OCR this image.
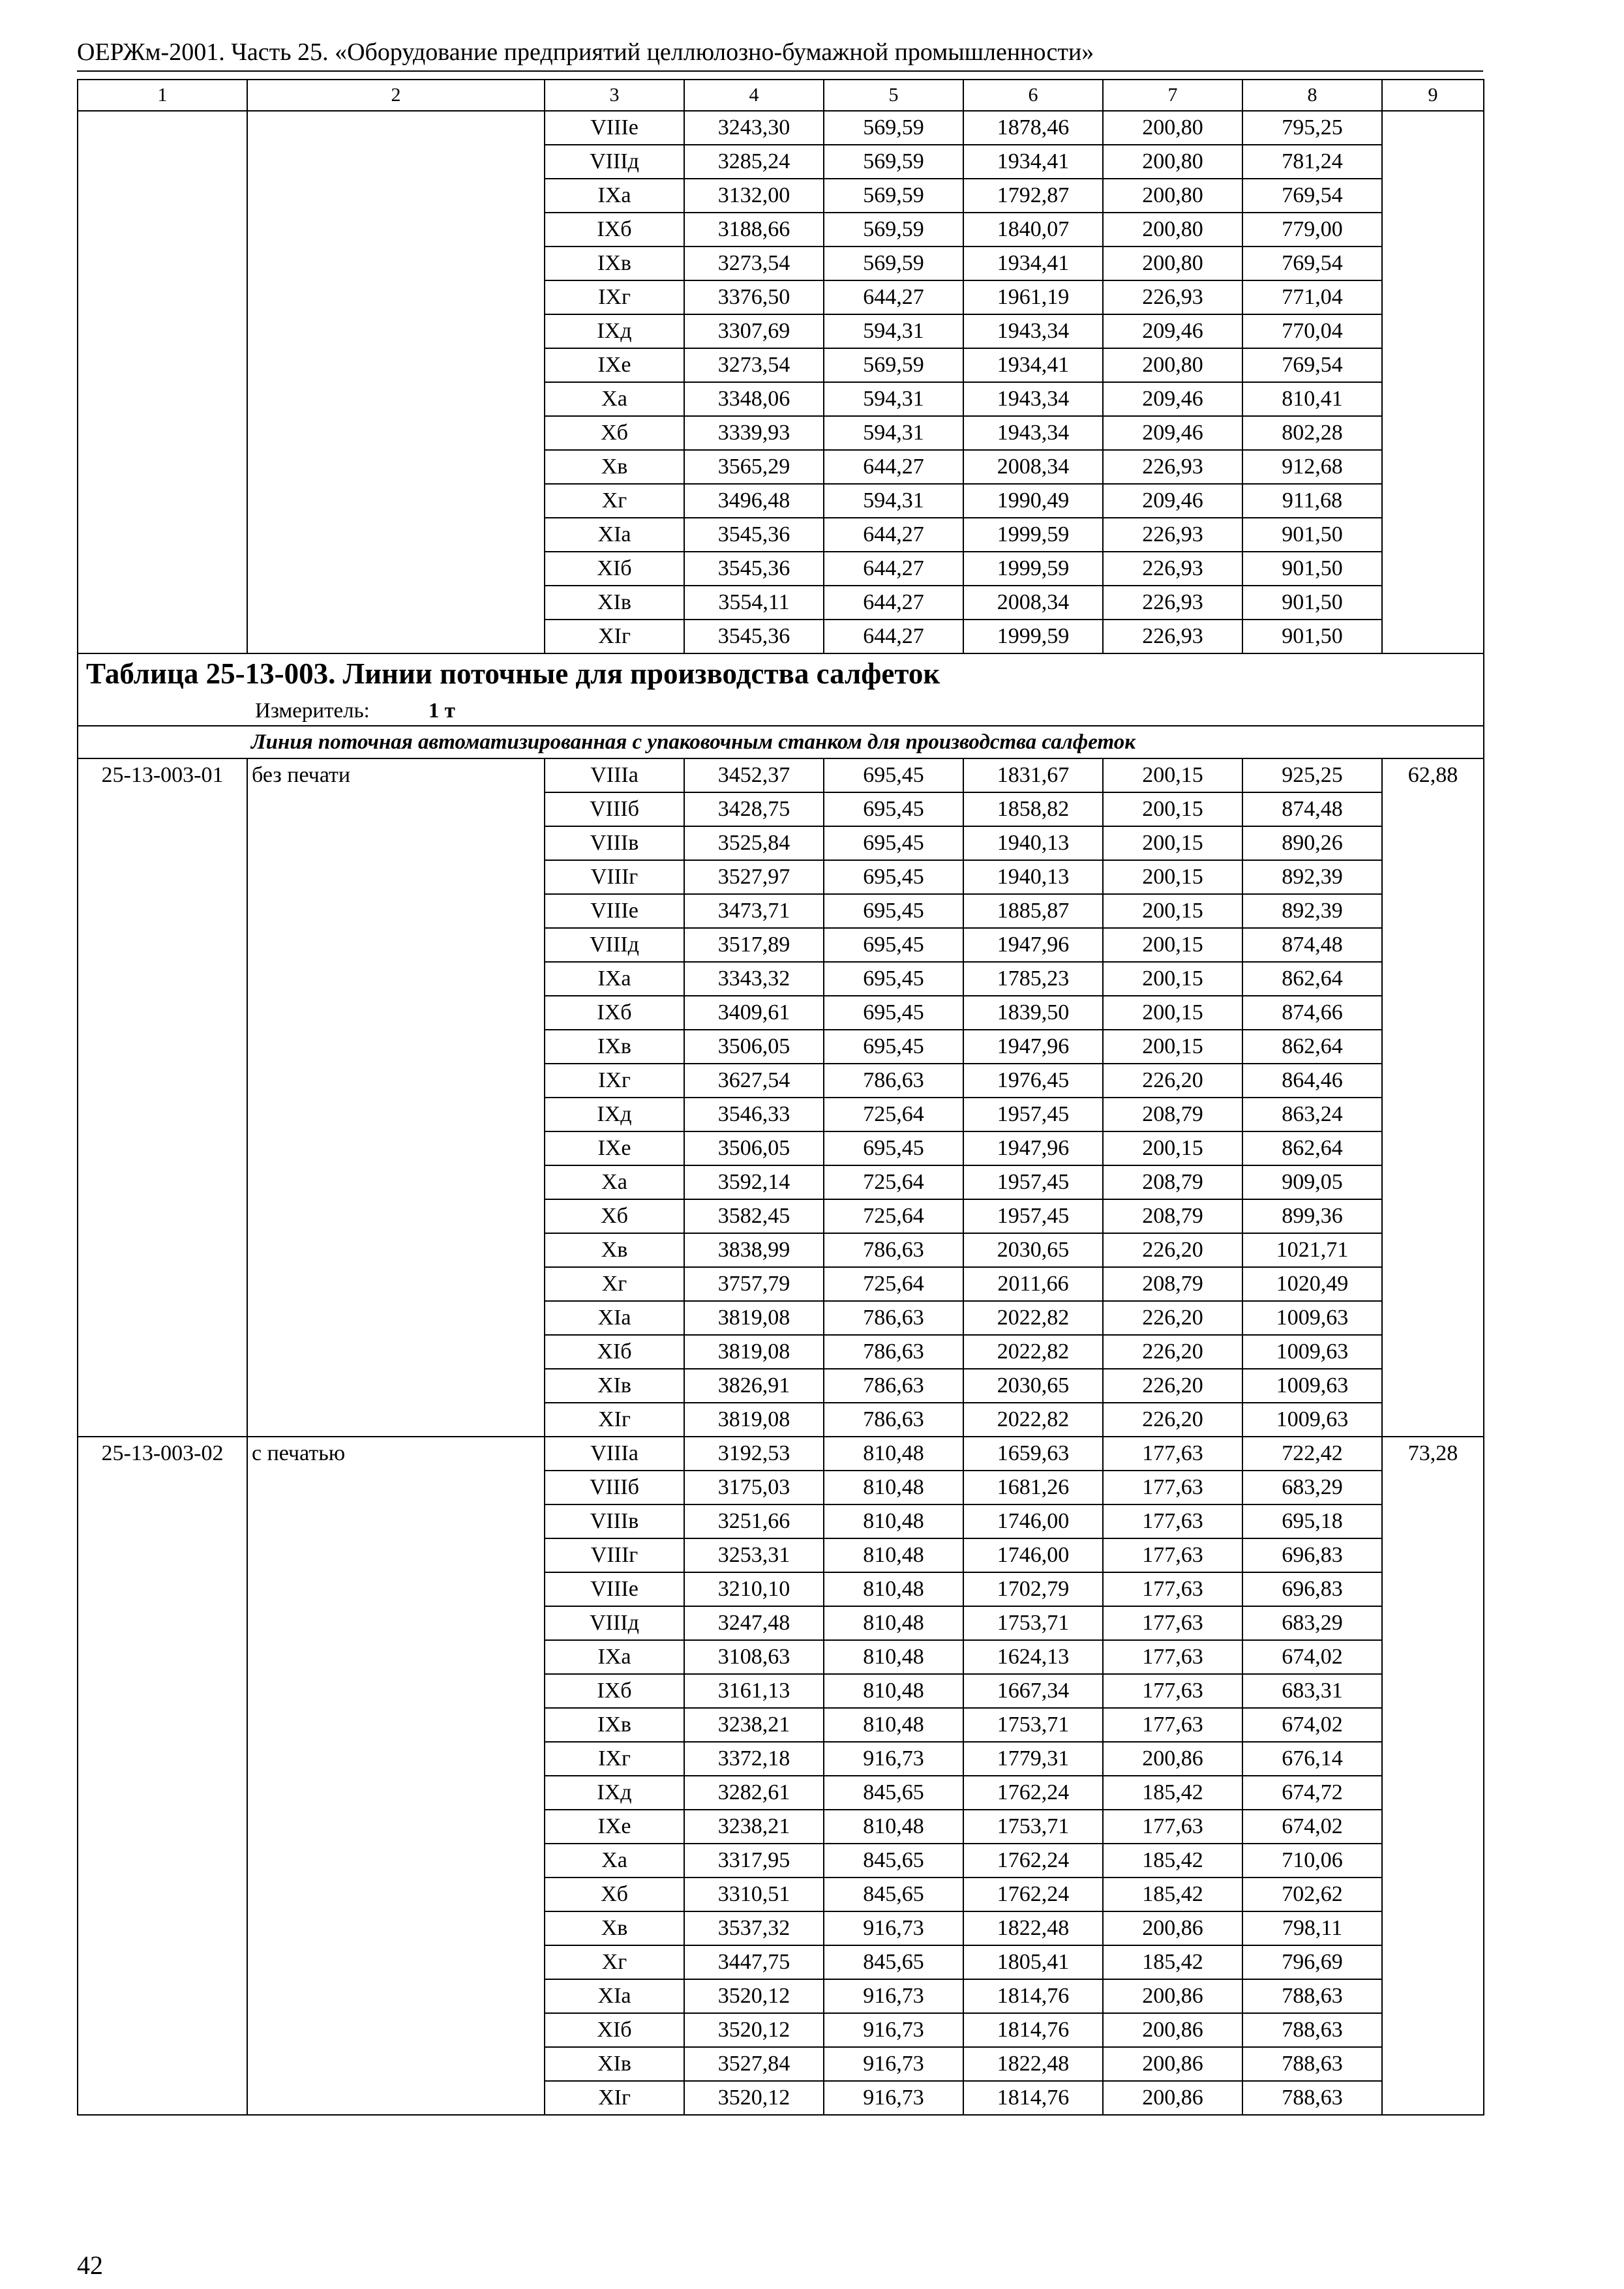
ОЕРЖм-2001. Часть 25. «Оборудование предприятий целлюлозно-бумажной промышленности»
1	2	3	4	5	6	7	8	9
		VIIIе	3243,30	569,59	1878,46	200,80	795,25	
		VIIIд	3285,24	569,59	1934,41	200,80	781,24	
		IXа	3132,00	569,59	1792,87	200,80	769,54	
		IXб	3188,66	569,59	1840,07	200,80	779,00	
		IXв	3273,54	569,59	1934,41	200,80	769,54	
		IXг	3376,50	644,27	1961,19	226,93	771,04	
		IXд	3307,69	594,31	1943,34	209,46	770,04	
		IXе	3273,54	569,59	1934,41	200,80	769,54	
		Xа	3348,06	594,31	1943,34	209,46	810,41	
		Xб	3339,93	594,31	1943,34	209,46	802,28	
		Xв	3565,29	644,27	2008,34	226,93	912,68	
		Xг	3496,48	594,31	1990,49	209,46	911,68	
		XIа	3545,36	644,27	1999,59	226,93	901,50	
		XIб	3545,36	644,27	1999,59	226,93	901,50	
		XIв	3554,11	644,27	2008,34	226,93	901,50	
		XIг	3545,36	644,27	1999,59	226,93	901,50	
Таблица 25-13-003. Линии поточные для производства салфеток								
Измеритель: 1 т								
Линия поточная автоматизированная с упаковочным станком для производства салфеток								
25-13-003-01	без печати	VIIIа	3452,37	695,45	1831,67	200,15	925,25	62,88
		VIIIб	3428,75	695,45	1858,82	200,15	874,48	
		VIIIв	3525,84	695,45	1940,13	200,15	890,26	
		VIIIг	3527,97	695,45	1940,13	200,15	892,39	
		VIIIе	3473,71	695,45	1885,87	200,15	892,39	
		VIIIд	3517,89	695,45	1947,96	200,15	874,48	
		IXа	3343,32	695,45	1785,23	200,15	862,64	
		IXб	3409,61	695,45	1839,50	200,15	874,66	
		IXв	3506,05	695,45	1947,96	200,15	862,64	
		IXг	3627,54	786,63	1976,45	226,20	864,46	
		IXд	3546,33	725,64	1957,45	208,79	863,24	
		IXе	3506,05	695,45	1947,96	200,15	862,64	
		Xа	3592,14	725,64	1957,45	208,79	909,05	
		Xб	3582,45	725,64	1957,45	208,79	899,36	
		Xв	3838,99	786,63	2030,65	226,20	1021,71	
		Xг	3757,79	725,64	2011,66	208,79	1020,49	
		XIа	3819,08	786,63	2022,82	226,20	1009,63	
		XIб	3819,08	786,63	2022,82	226,20	1009,63	
		XIв	3826,91	786,63	2030,65	226,20	1009,63	
		XIг	3819,08	786,63	2022,82	226,20	1009,63	
25-13-003-02	с печатью	VIIIа	3192,53	810,48	1659,63	177,63	722,42	73,28
		VIIIб	3175,03	810,48	1681,26	177,63	683,29	
		VIIIв	3251,66	810,48	1746,00	177,63	695,18	
		VIIIг	3253,31	810,48	1746,00	177,63	696,83	
		VIIIе	3210,10	810,48	1702,79	177,63	696,83	
		VIIIд	3247,48	810,48	1753,71	177,63	683,29	
		IXа	3108,63	810,48	1624,13	177,63	674,02	
		IXб	3161,13	810,48	1667,34	177,63	683,31	
		IXв	3238,21	810,48	1753,71	177,63	674,02	
		IXг	3372,18	916,73	1779,31	200,86	676,14	
		IXд	3282,61	845,65	1762,24	185,42	674,72	
		IXе	3238,21	810,48	1753,71	177,63	674,02	
		Xа	3317,95	845,65	1762,24	185,42	710,06	
		Xб	3310,51	845,65	1762,24	185,42	702,62	
		Xв	3537,32	916,73	1822,48	200,86	798,11	
		Xг	3447,75	845,65	1805,41	185,42	796,69	
		XIа	3520,12	916,73	1814,76	200,86	788,63	
		XIб	3520,12	916,73	1814,76	200,86	788,63	
		XIв	3527,84	916,73	1822,48	200,86	788,63	
		XIг	3520,12	916,73	1814,76	200,86	788,63	
42
